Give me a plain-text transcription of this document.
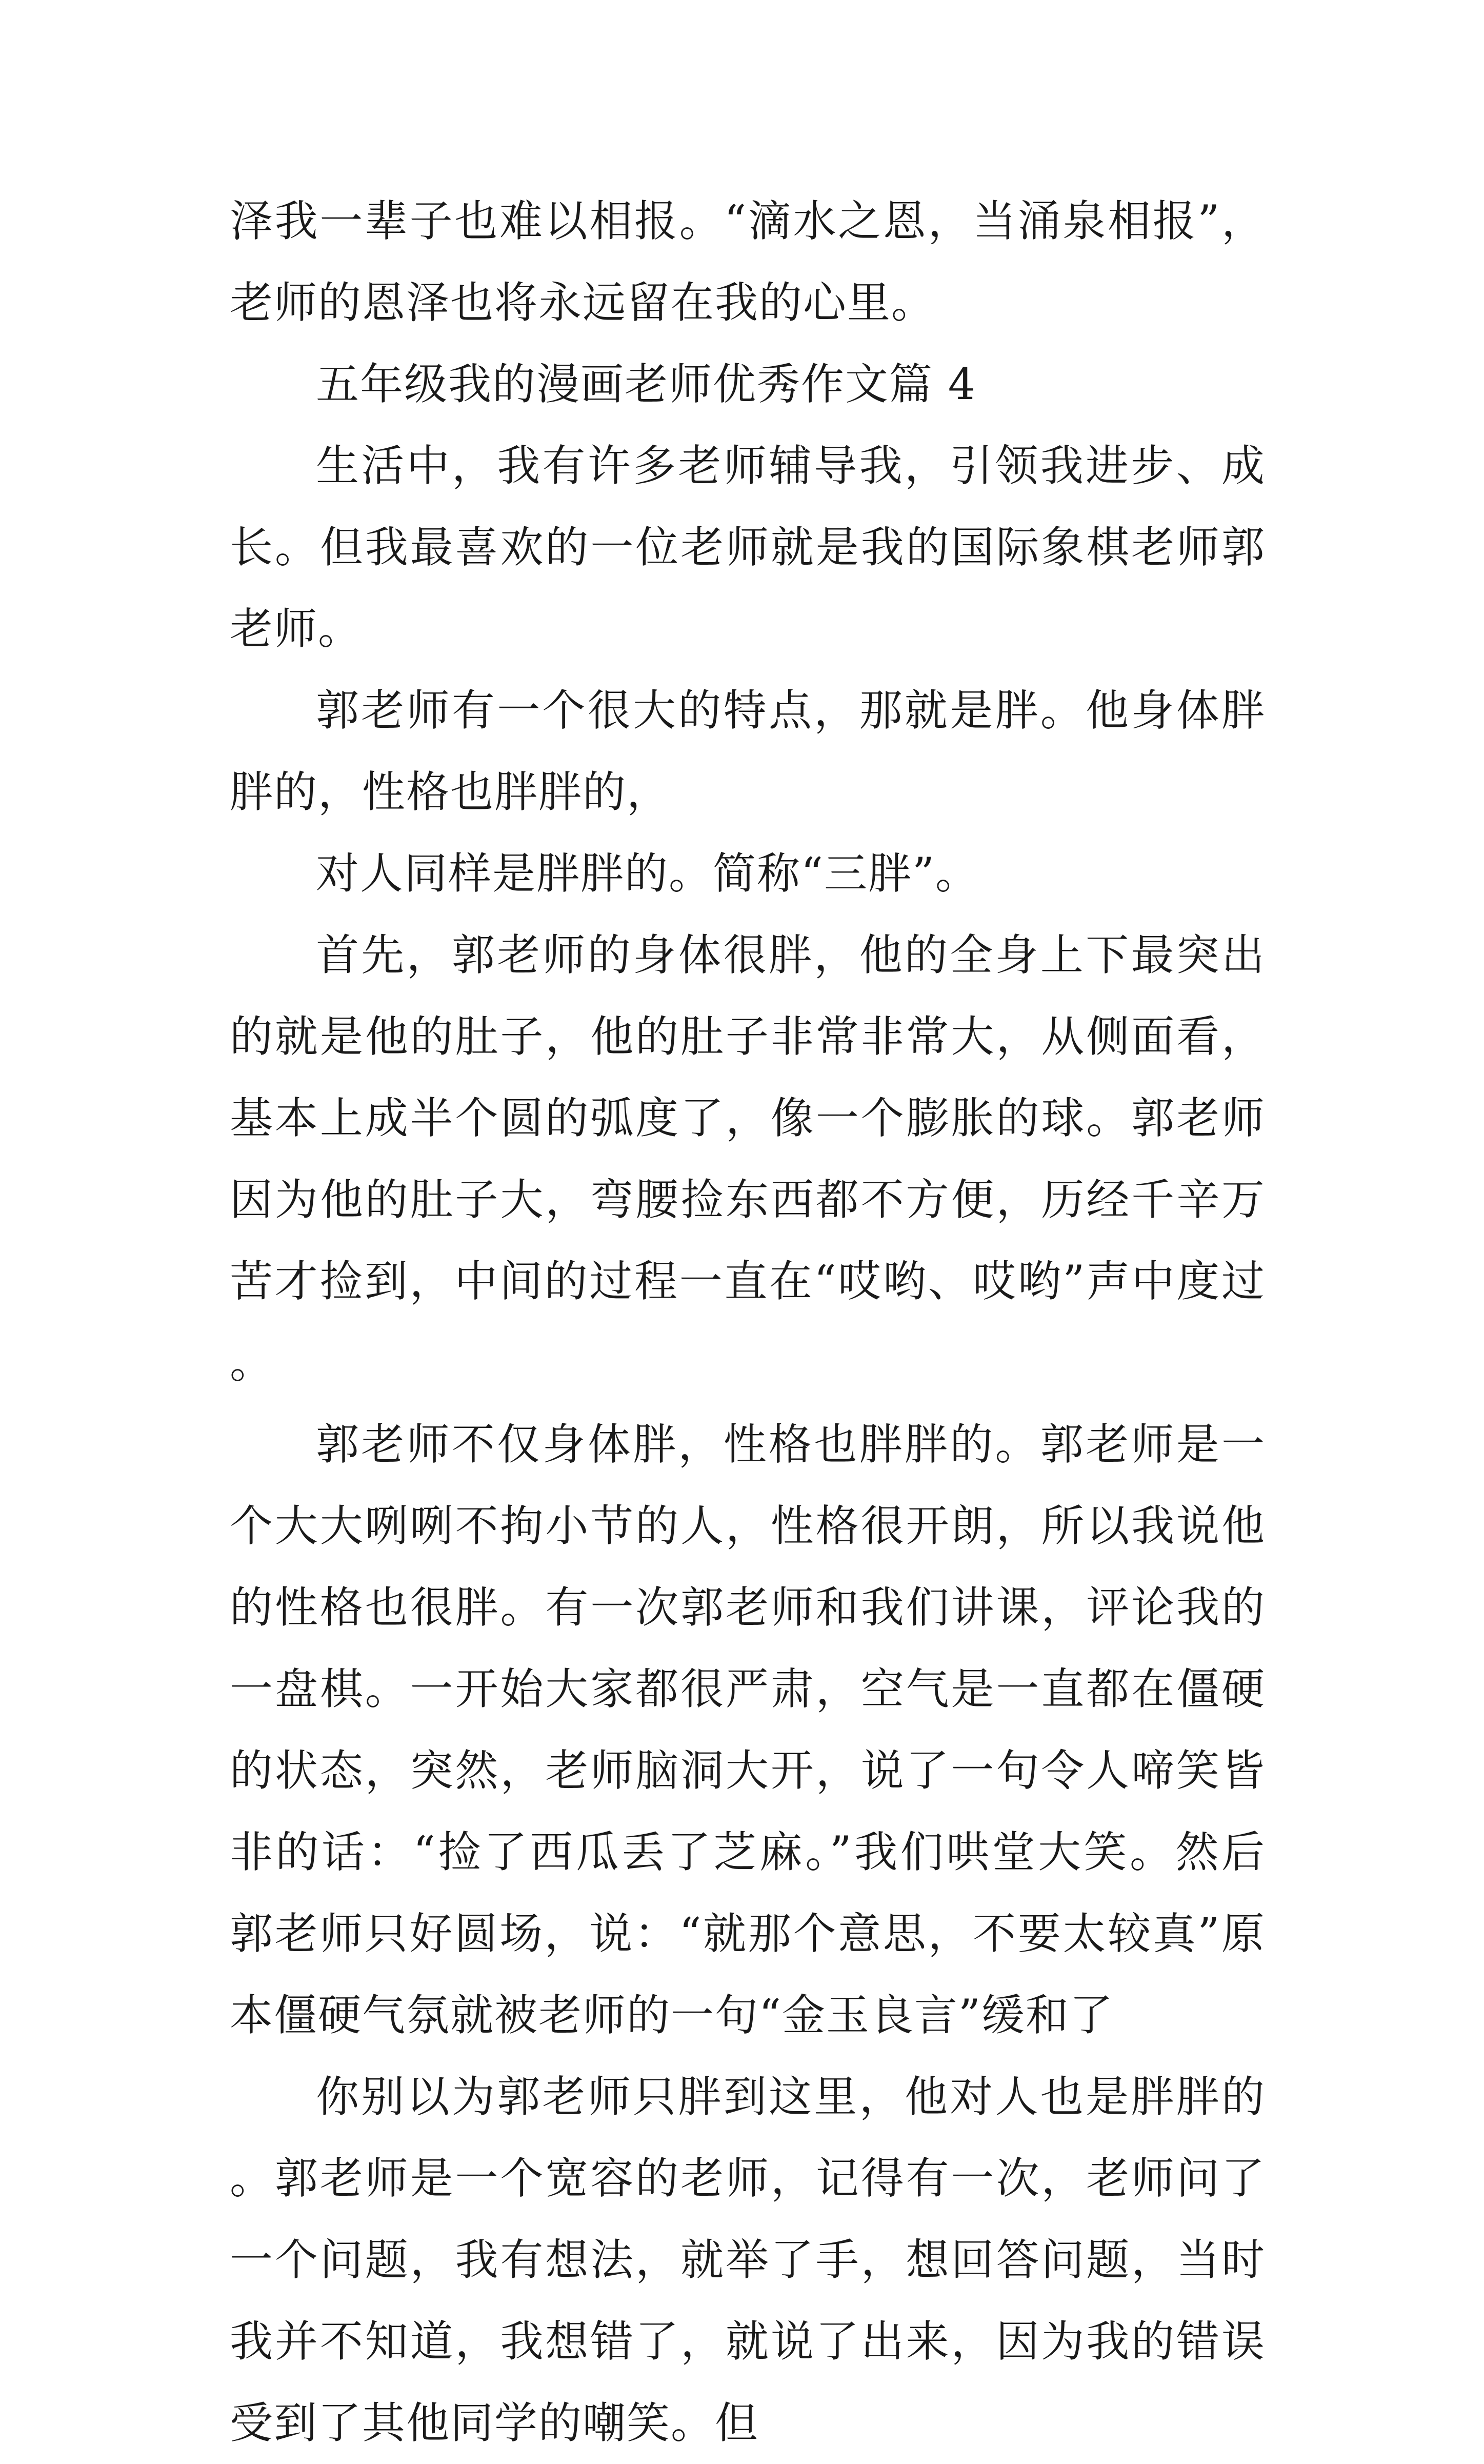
泽我一辈子也难以相报。“滴水之恩，当涌泉相报”，老师的恩泽也将永远留在我的心里。

五年级我的漫画老师优秀作文篇 4

生活中，我有许多老师辅导我，引领我进步、成长。但我最喜欢的一位老师就是我的国际象棋老师郭老师。

郭老师有一个很大的特点，那就是胖。他身体胖胖的，性格也胖胖的，

对人同样是胖胖的。简称“三胖”。

首先，郭老师的身体很胖，他的全身上下最突出的就是他的肚子，他的肚子非常非常大，从侧面看，基本上成半个圆的弧度了，像一个膨胀的球。郭老师因为他的肚子大，弯腰捡东西都不方便，历经千辛万苦才捡到，中间的过程一直在“哎哟、哎哟”声中度过。

郭老师不仅身体胖，性格也胖胖的。郭老师是一个大大咧咧不拘小节的人，性格很开朗，所以我说他的性格也很胖。有一次郭老师和我们讲课，评论我的一盘棋。一开始大家都很严肃，空气是一直都在僵硬的状态，突然，老师脑洞大开，说了一句令人啼笑皆非的话：“捡了西瓜丢了芝麻。”我们哄堂大笑。然后郭老师只好圆场，说：“就那个意思，不要太较真”原本僵硬气氛就被老师的一句“金玉良言”缓和了

你别以为郭老师只胖到这里，他对人也是胖胖的。郭老师是一个宽容的老师，记得有一次，老师问了一个问题，我有想法，就举了手，想回答问题，当时我并不知道，我想错了，就说了出来，因为我的错误受到了其他同学的嘲笑。但
